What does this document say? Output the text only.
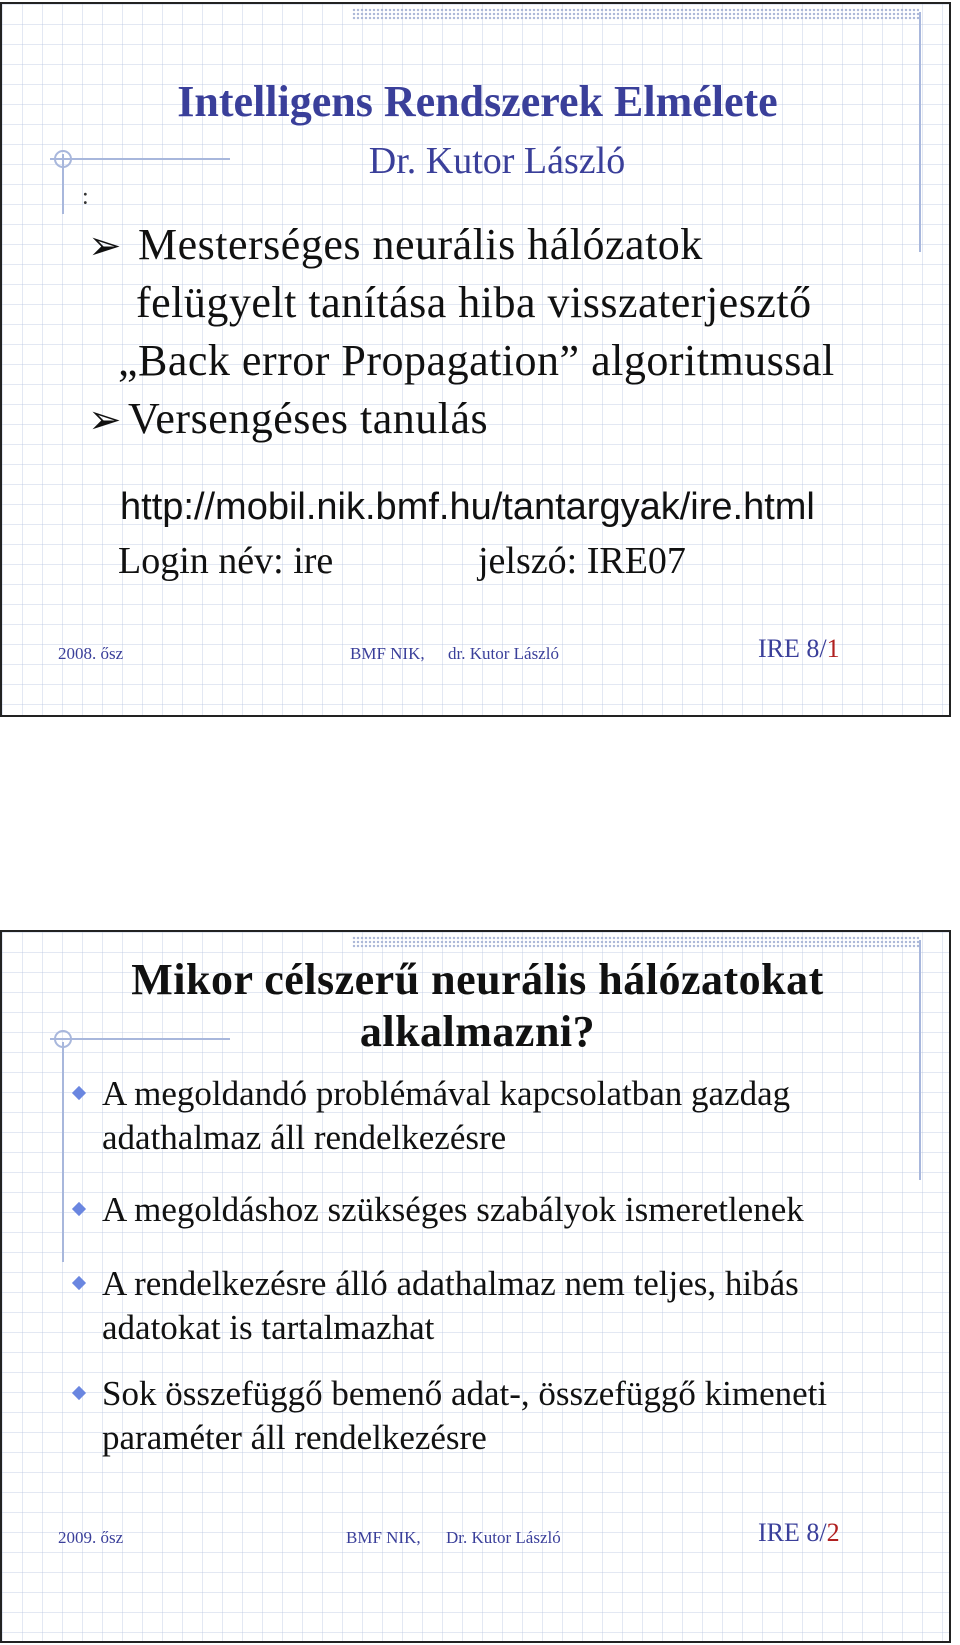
Intelligens Rendszerek Elmélete
Dr. Kutor László
:
➢ Mesterséges neurális hálózatok
felügyelt tanítása hiba visszaterjesztő
„Back error Propagation” algoritmussal
➢ Versengéses tanulás
http://mobil.nik.bmf.hu/tantargyak/ire.html
Login név: ire	jelszó: IRE07
2008. ősz	BMF NIK, dr. Kutor László	IRE 8/1
Mikor célszerű neurális hálózatokat
alkalmazni?
A megoldandó problémával kapcsolatban gazdag
adathalmaz áll rendelkezésre
A megoldáshoz szükséges szabályok ismeretlenek
A rendelkezésre álló adathalmaz nem teljes, hibás
adatokat is tartalmazhat
Sok összefüggő bemenő adat-, összefüggő kimeneti
paraméter áll rendelkezésre
2009. ősz	BMF NIK, Dr. Kutor László	IRE 8/2
